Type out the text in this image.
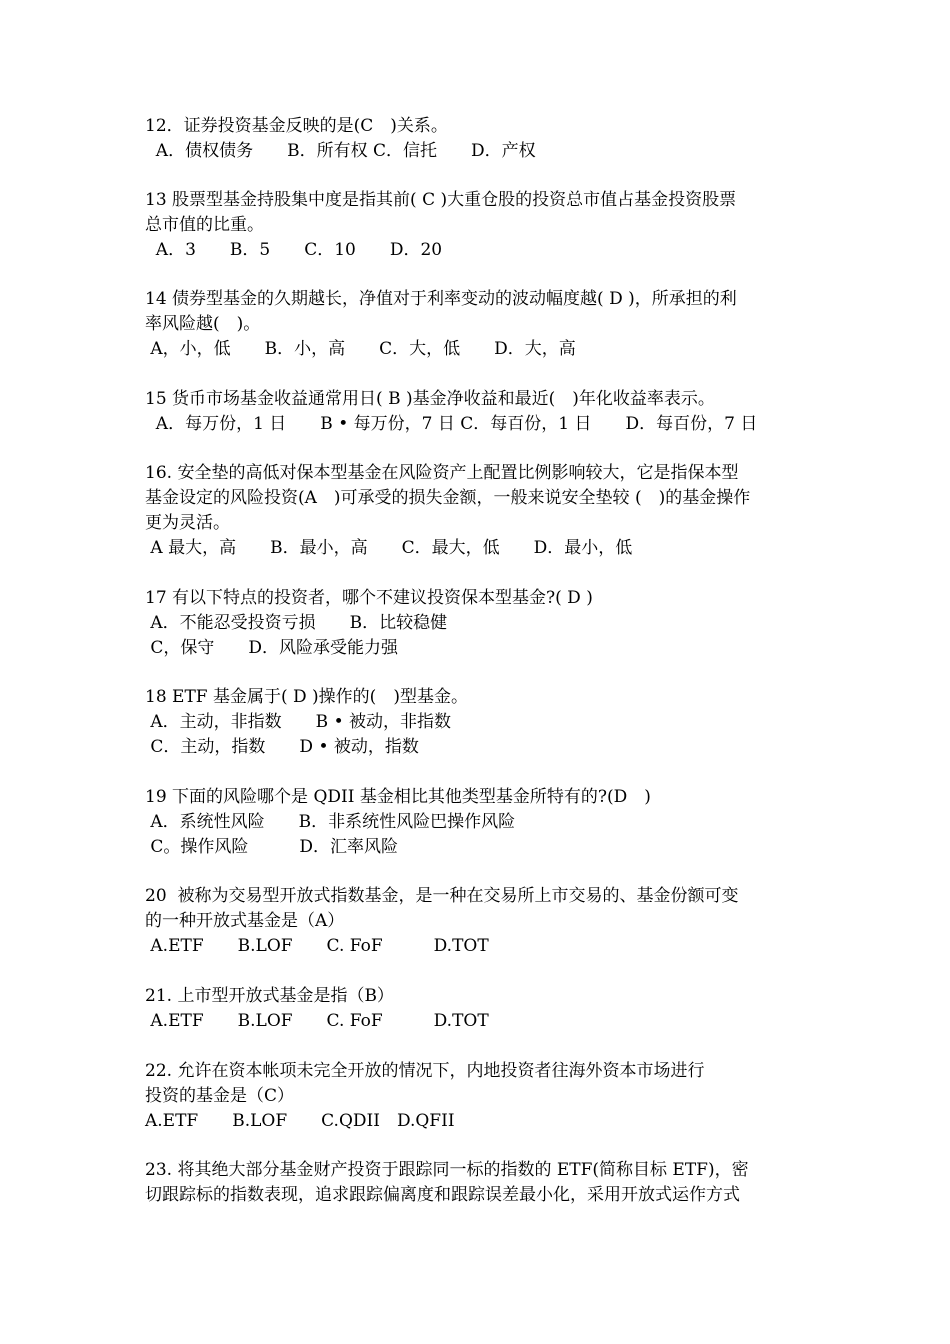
12．证券投资基金反映的是(C　)关系。
A．债权债务　　B．所有权 C．信托　　D．产权
13 股票型基金持股集中度是指其前( C )大重仓股的投资总市值占基金投资股票
总市值的比重。
A．3　　B．5　　C．10　　D．20
14 债券型基金的久期越长，净值对于利率变动的波动幅度越( D )，所承担的利
率风险越(　)。
A，小，低　　B．小，高　　C．大，低　　D．大，高
15 货币市场基金收益通常用日( B )基金净收益和最近(　)年化收益率表示。
A．每万份，1 日　　B • 每万份，7 日 C．每百份，1 日　　D．每百份，7 日
16. 安全垫的高低对保本型基金在风险资产上配置比例影响较大，它是指保本型
基金设定的风险投资(A　)可承受的损失金额，一般来说安全垫较 (　)的基金操作
更为灵活。
A 最大，高　　B．最小，高　　C．最大，低　　D．最小，低
17 有以下特点的投资者，哪个不建议投资保本型基金?( D )
A．不能忍受投资亏损　　B．比较稳健
C，保守　　D．风险承受能力强
18 ETF 基金属于( D )操作的(　)型基金。
A．主动，非指数　　B • 被动，非指数
C．主动，指数　　D • 被动，指数
19 下面的风险哪个是 QDII 基金相比其他类型基金所特有的?(D　)
A．系统性风险　　B．非系统性风险巴操作风险
C。操作风险　　　D．汇率风险
20  被称为交易型开放式指数基金，是一种在交易所上市交易的、基金份额可变
的一种开放式基金是（A）
A.ETF　　B.LOF　　C. FoF　　　D.TOT
21. 上市型开放式基金是指（B）
A.ETF　　B.LOF　　C. FoF　　　D.TOT
22. 允许在资本帐项未完全开放的情况下，内地投资者往海外资本市场进行
投资的基金是（C）
A.ETF　　B.LOF　　C.QDII　D.QFII
23. 将其绝大部分基金财产投资于跟踪同一标的指数的 ETF(简称目标 ETF)，密
切跟踪标的指数表现，追求跟踪偏离度和跟踪误差最小化，采用开放式运作方式
